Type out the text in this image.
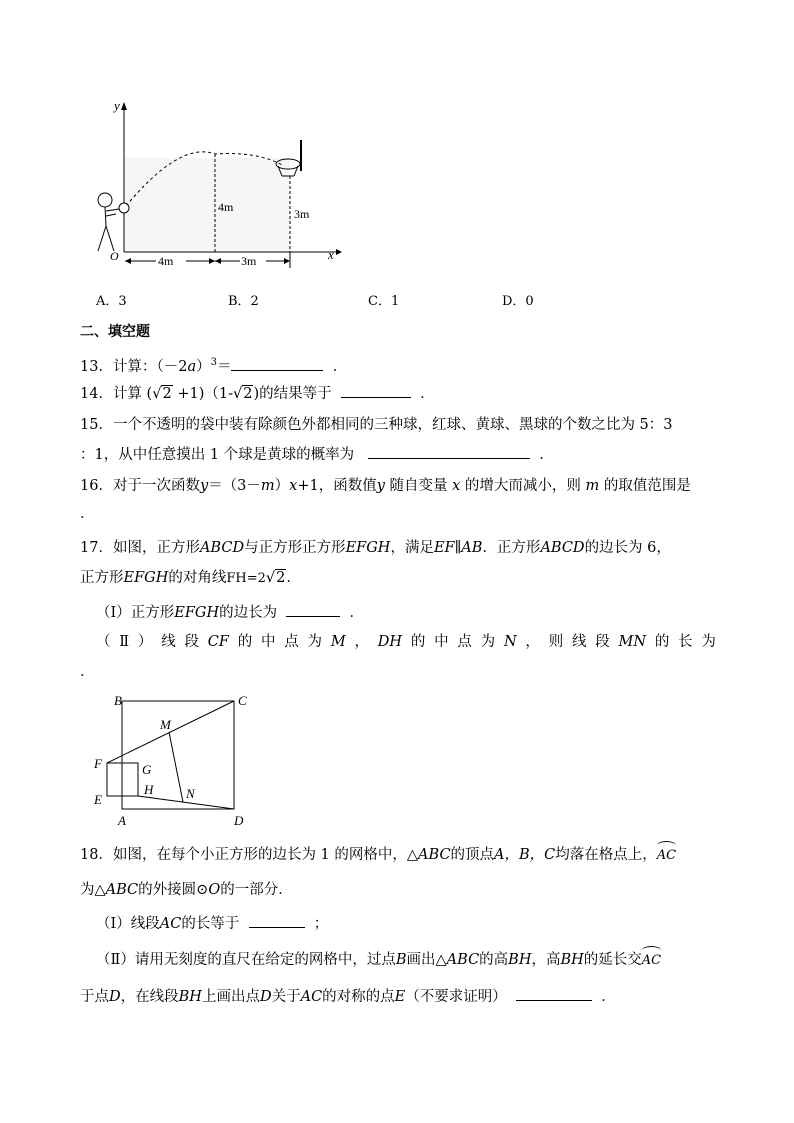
y
x
O
4m	3m
4m	3m
A．3	B．2	C．1	D．0
二、填空题
13．计算：$(-2a)^3=$	．
14．计算 (√2 +1)（1-√2)的结果等于	．
15．一个不透明的袋中装有除颜色外都相同的三种球，红球、黄球、黑球的个数之比为 5：3
：1，从中任意摸出 1 个球是黄球的概率为	．
16．对于一次函数y＝（3－m）x+1，函数值y 随自变量 x 的增大而减小，则 m 的取值范围是
．
17．如图，正方形ABCD与正方形正方形EFGH，满足EF∥AB．正方形ABCD的边长为 6，
正方形EFGH的对角线FH=2√2．
（Ⅰ）正方形EFGH的边长为	．
（ Ⅱ ） 线 段 CF 的 中 点 为 M ， DH 的 中 点 为 N ， 则 线 段 MN 的 长 为
．
B	C
M
F	G
H	N
E
A	D
18．如图，在每个小正方形的边长为 1 的网格中，△ABC的顶点A，B，C均落在格点上，AC
为△ABC的外接圆⊙O的一部分．
（Ⅰ）线段AC的长等于	；
（Ⅱ）请用无刻度的直尺在给定的网格中，过点B画出△ABC的高BH，高BH的延长交AC
于点D，在线段BH上画出点D关于AC的对称的点E（不要求证明）	．
